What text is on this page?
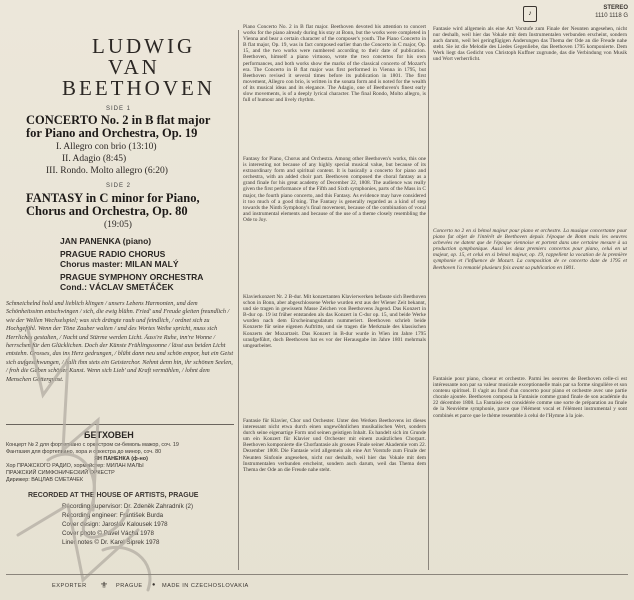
LUDWIG
VAN
BEETHOVEN
SIDE 1
CONCERTO No. 2 in B flat major
for Piano and Orchestra, Op. 19
I. Allegro con brio (13:10)
II. Adagio (8:45)
III. Rondo. Molto allegro (6:20)
SIDE 2
FANTASY in C minor for Piano,
Chorus and Orchestra, Op. 80
(19:05)
JAN PANENKA (piano)
PRAGUE RADIO CHORUS
Chorus master: MILAN MALÝ
PRAGUE SYMPHONY ORCHESTRA
Cond.: VÁCLAV SMETÁČEK
Schmeichelnd hold und lieblich klingen / unsers Lebens Harmonien, und dem Schönheitssinn entschwingen / sich, die ewig blühn. Fried' und Freude gleiten freundlich / wie der Wellen Wechselspiel; was sich drängte rauh und feindlich, / ordnet sich zu Hochgefühl. Wenn der Töne Zauber walten / und des Wortes Weihe spricht, muss sich Herrliches gestalten, / Nacht und Stürme werden Licht. Äuss're Ruhe, inn're Wonne / herrschen für den Glücklichen. Doch der Künste Frühlingssonne / lässt aus beiden Licht entstehn. Grosses, das ins Herz gedrungen, / blüht dann neu und schön empor, hat ein Geist sich aufgeschwungen, / hallt ihm stets ein Geisterchor. Nehmt denn hin, ihr schönen Seelen, / froh die Gaben schöner Kunst. Wenn sich Lieb' und Kraft vermählen, / lohnt dem Menschen Göttergunst.
БЕТХОВЕН
Концерт № 2 для фортепиано с оркестром си-бемоль мажор, соч. 19
Фантазия для фортепиано, хора и оркестра до минор, соч. 80
ЯН ПАНЕНКА (ф-но)
Хор ПРАЖСКОГО РАДИО, хормейстер: МИЛАН МАЛЫ
ПРАЖСКИЙ СИМФОНИЧЕСКИЙ ОРКЕСТР
Дирижер: ВАЦЛАВ СМЕТАЧЕК
RECORDED AT THE HOUSE OF ARTISTS, PRAGUE
Recording supervisor: Dr. Zdeněk Zahradník (2)
Recording engineer: František Burda
Cover design: Jaroslav Kalousek 1978
Cover photo © Pavel Vácha 1978
Liner notes © Dr. Karel Šiprek 1978
Piano Concerto No. 2 in B flat major. Beethoven devoted his attention to concert works for the piano already during his stay at Bonn, but the works were completed in Vienna and bear a certain character of the composer's youth. The Piano Concerto in B flat major, Op. 19, was in fact composed earlier than the Concerto in C major, Op. 15, and the two works were numbered according to their date of publication. Beethoven, himself a piano virtuoso, wrote the two concertos for his own performances, and both works show the marks of the classical concerto of Mozart's era. The Concerto in B flat major was first performed in Vienna in 1795, but Beethoven revised it several times before its publication in 1801. The first movement, Allegro con brio, is written in the sonata form and is noted for the wealth of its musical ideas and its elegance. The Adagio, one of Beethoven's finest early slow movements, is of a deeply lyrical character. The final Rondo, Molto allegro, is full of humour and lively rhythm.
Fantasy for Piano, Chorus and Orchestra. Among other Beethoven's works, this one is interesting not because of any highly special musical value, but because of its extraordinary form and spiritual content. It is basically a concerto for piano and orchestra, with an added choir part. Beethoven composed the choral fantasy as a grand finale for his great academy of December 22, 1808. The audience was really given the first performance of the Fifth and Sixth symphonies, parts of the Mass in C major, the fourth piano concerto, and this Fantasy. As evidence may have considered it too much of a good thing. The Fantasy is generally regarded as a kind of step towards the Ninth Symphony's final movement, because of the combination of vocal and instrumental elements and because of the use of a theme closely resembling the Ode to Joy.
Klavierkonzert Nr. 2 B-dur. Mit konzertanten Klavierwerken befasste sich Beethoven schon in Bonn, aber abgeschlossene Werke wurden erst aus der Wiener Zeit bekannt, und sie tragen in gewissem Masse Zeichen von Beethovens Jugend. Das Konzert in B-dur op. 19 ist früher entstanden als das Konzert in C-dur op. 15, und beide Werke wurden nach dem Erscheinungsdatum nummeriert. Beethoven schrieb beide Konzerte für seine eigenen Auftritte, und sie tragen die Merkmale des klassischen Konzerts der Mozartzeit. Das Konzert in B-dur wurde in Wien im Jahre 1795 uraufgeführt, doch Beethoven hat es vor der Herausgabe im Jahre 1801 mehrmals umgearbeitet.
Fantasie für Klavier, Chor und Orchester. Unter den Werken Beethovens ist dieses interessant nicht etwa durch einen ungewöhnlichen musikalischen Wert, sondern durch seine eigenartige Form und seinen geistigen Inhalt. Es handelt sich im Grunde um ein Konzert für Klavier und Orchester mit einem zusätzlichen Chorpart. Beethoven komponierte die Chorfantasie als grosses Finale seiner Akademie vom 22. Dezember 1808. Die Fantasie wird allgemein als eine Art Vorstufe zum Finale der Neunten Sinfonie angesehen, nicht nur deshalb, weil hier das Vokale mit dem Instrumentalen verbunden erscheint, sondern auch darum, weil das Thema dem Thema der Ode an die Freude nahe steht.
♪
STEREO
1110 1118 G
Fantasie wird allgemein als eine Art Vorstufe zum Finale der Neunten angesehen, nicht nur deshalb, weil hier das Vokale mit dem Instrumentalen verbunden erscheint, sondern auch darum, weil bei geringfügigen Änderungen das Thema der Ode an die Freude nahe steht. Sie ist die Melodie des Liedes Gegenliebe, das Beethoven 1795 komponierte. Dem Werk liegt das Gedicht von Christoph Kuffner zugrunde, das die Verbindung von Musik und Wort verherrlicht.
Concerto no 2 en si bémol majeur pour piano et orchestre. La musique concertante pour piano fut objet de l'intérêt de Beethoven depuis l'époque de Bonn mais les oeuvres achevées ne datent que de l'époque viennoise et portent dans une certaine mesure à sa production symphonique. Aussi les deux premiers concertos pour piano, celui en ut majeur, op. 15, et celui en si bémol majeur, op. 19, rappellent la vocation de la première symphonie et l'influence de Mozart. La composition de ce concerto date de 1795 et Beethoven l'a remanié plusieurs fois avant sa publication en 1801.
Fantaisie pour piano, choeur et orchestre. Parmi les oeuvres de Beethoven celle-ci est intéressante non par sa valeur musicale exceptionnelle mais par sa forme singulière et son contenu spirituel. Il s'agit au fond d'un concerto pour piano et orchestre avec une partie chorale ajoutée. Beethoven composa la Fantaisie comme grand finale de son académie du 22 décembre 1808. La Fantaisie est considérée comme une sorte de préparation au finale de la Neuvième symphonie, parce que l'élément vocal et l'élément instrumental y sont combinés et parce que le thème ressemble à celui de l'Hymne à la joie.
EXPORTER ⚜ PRAGUE ● MADE IN CZECHOSLOVAKIA
